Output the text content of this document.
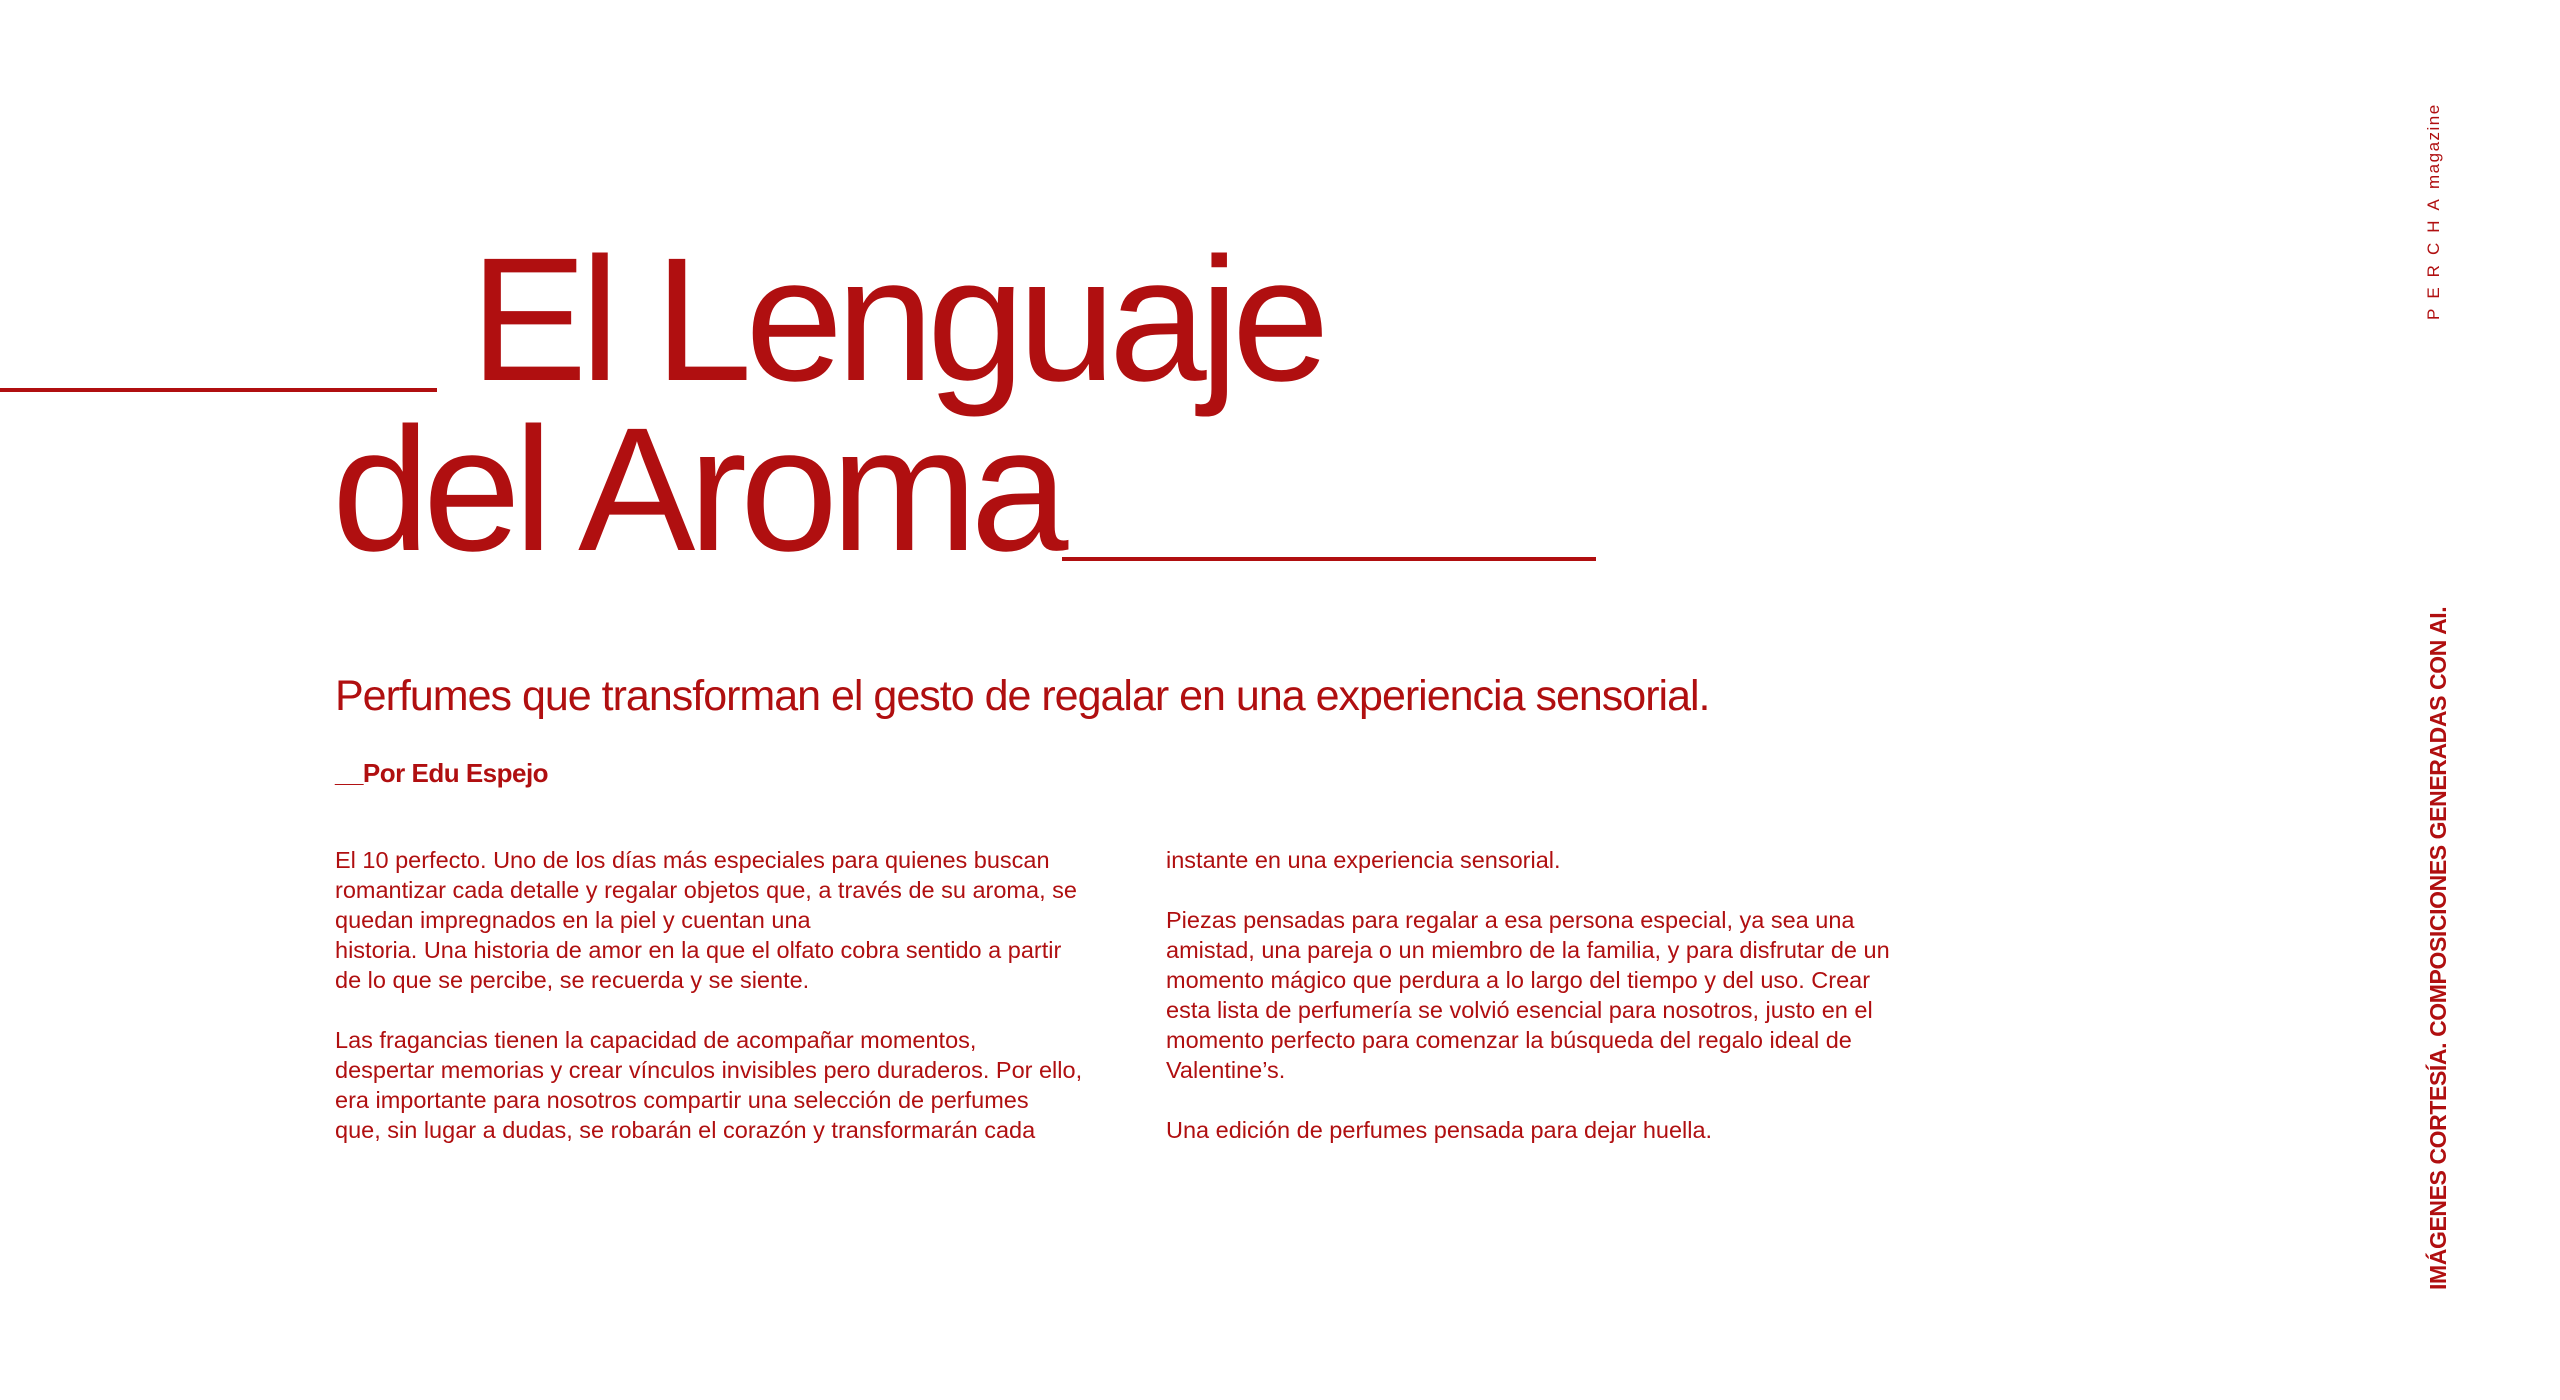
El Lenguaje
del Aroma
Perfumes que transforman el gesto de regalar en una experiencia sensorial.
__Por Edu Espejo

El 10 perfecto. Uno de los días más especiales para quienes buscan
romantizar cada detalle y regalar objetos que, a través de su aroma, se
quedan impregnados en la piel y cuentan una
historia. Una historia de amor en la que el olfato cobra sentido a partir
de lo que se percibe, se recuerda y se siente.

Las fragancias tienen la capacidad de acompañar momentos,
despertar memorias y crear vínculos invisibles pero duraderos. Por ello,
era importante para nosotros compartir una selección de perfumes
que, sin lugar a dudas, se robarán el corazón y transformarán cada

instante en una experiencia sensorial.

Piezas pensadas para regalar a esa persona especial, ya sea una
amistad, una pareja o un miembro de la familia, y para disfrutar de un
momento mágico que perdura a lo largo del tiempo y del uso. Crear
esta lista de perfumería se volvió esencial para nosotros, justo en el
momento perfecto para comenzar la búsqueda del regalo ideal de
Valentine’s.

Una edición de perfumes pensada para dejar huella.

PERCHA
magazine
IMÁGENES CORTESÍA. COMPOSICIONES GENERADAS CON AI.
